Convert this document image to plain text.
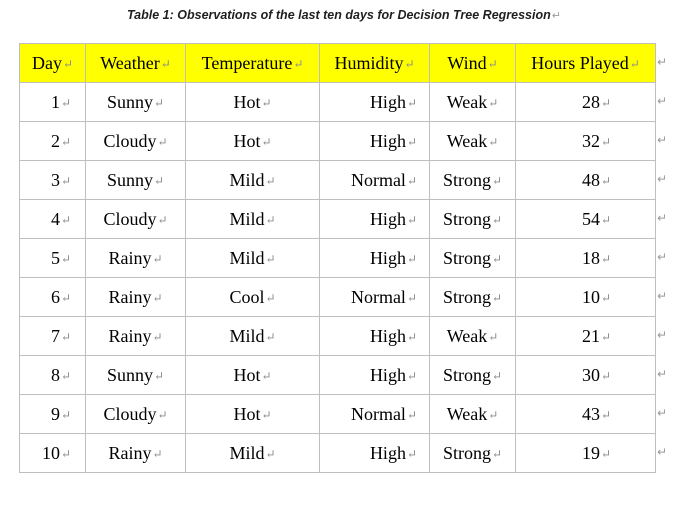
Table 1: Observations of the last ten days for Decision Tree Regression↵
Day↵	Weather↵	Temperature↵	Humidity↵	Wind↵	Hours Played↵
1↵	Sunny↵	Hot↵	High↵	Weak↵	28↵
2↵	Cloudy↵	Hot↵	High↵	Weak↵	32↵
3↵	Sunny↵	Mild↵	Normal↵	Strong↵	48↵
4↵	Cloudy↵	Mild↵	High↵	Strong↵	54↵
5↵	Rainy↵	Mild↵	High↵	Strong↵	18↵
6↵	Rainy↵	Cool↵	Normal↵	Strong↵	10↵
7↵	Rainy↵	Mild↵	High↵	Weak↵	21↵
8↵	Sunny↵	Hot↵	High↵	Strong↵	30↵
9↵	Cloudy↵	Hot↵	Normal↵	Weak↵	43↵
10↵	Rainy↵	Mild↵	High↵	Strong↵	19↵
↵
↵
↵
↵
↵
↵
↵
↵
↵
↵
↵
